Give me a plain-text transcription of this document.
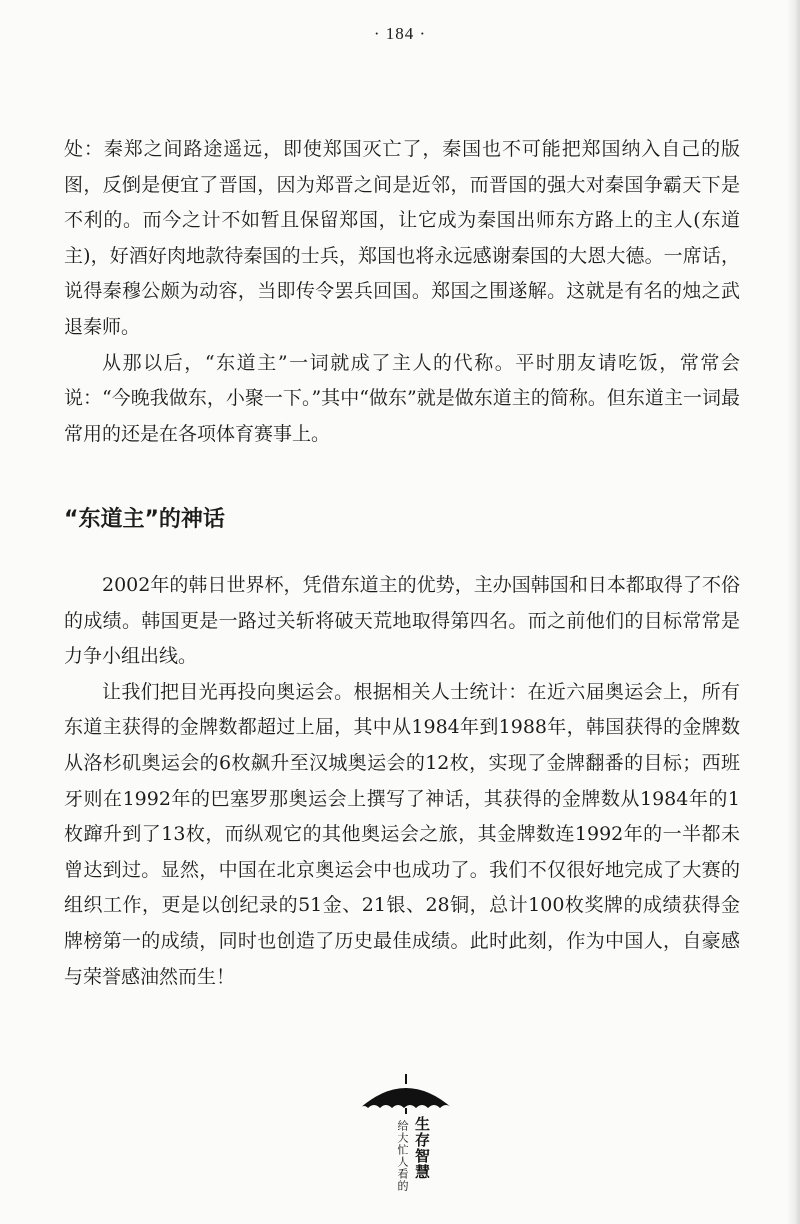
· 184 ·

处：秦郑之间路途遥远，即使郑国灭亡了，秦国也不可能把郑国纳入自己的版图，反倒是便宜了晋国，因为郑晋之间是近邻，而晋国的强大对秦国争霸天下是不利的。而今之计不如暂且保留郑国，让它成为秦国出师东方路上的主人(东道主)，好酒好肉地款待秦国的士兵，郑国也将永远感谢秦国的大恩大德。一席话，说得秦穆公颇为动容，当即传令罢兵回国。郑国之围遂解。这就是有名的烛之武退秦师。

从那以后，“东道主”一词就成了主人的代称。平时朋友请吃饭，常常会说：“今晚我做东，小聚一下。”其中“做东”就是做东道主的简称。但东道主一词最常用的还是在各项体育赛事上。

“东道主”的神话

2002年的韩日世界杯，凭借东道主的优势，主办国韩国和日本都取得了不俗的成绩。韩国更是一路过关斩将破天荒地取得第四名。而之前他们的目标常常是力争小组出线。

让我们把目光再投向奥运会。根据相关人士统计：在近六届奥运会上，所有东道主获得的金牌数都超过上届，其中从1984年到1988年，韩国获得的金牌数从洛杉矶奥运会的6枚飙升至汉城奥运会的12枚，实现了金牌翻番的目标；西班牙则在1992年的巴塞罗那奥运会上撰写了神话，其获得的金牌数从1984年的1枚蹿升到了13枚，而纵观它的其他奥运会之旅，其金牌数连1992年的一半都未曾达到过。显然，中国在北京奥运会中也成功了。我们不仅很好地完成了大赛的组织工作，更是以创纪录的51金、21银、28铜，总计100枚奖牌的成绩获得金牌榜第一的成绩，同时也创造了历史最佳成绩。此时此刻，作为中国人，自豪感与荣誉感油然而生！

给大忙人看的 生存智慧
